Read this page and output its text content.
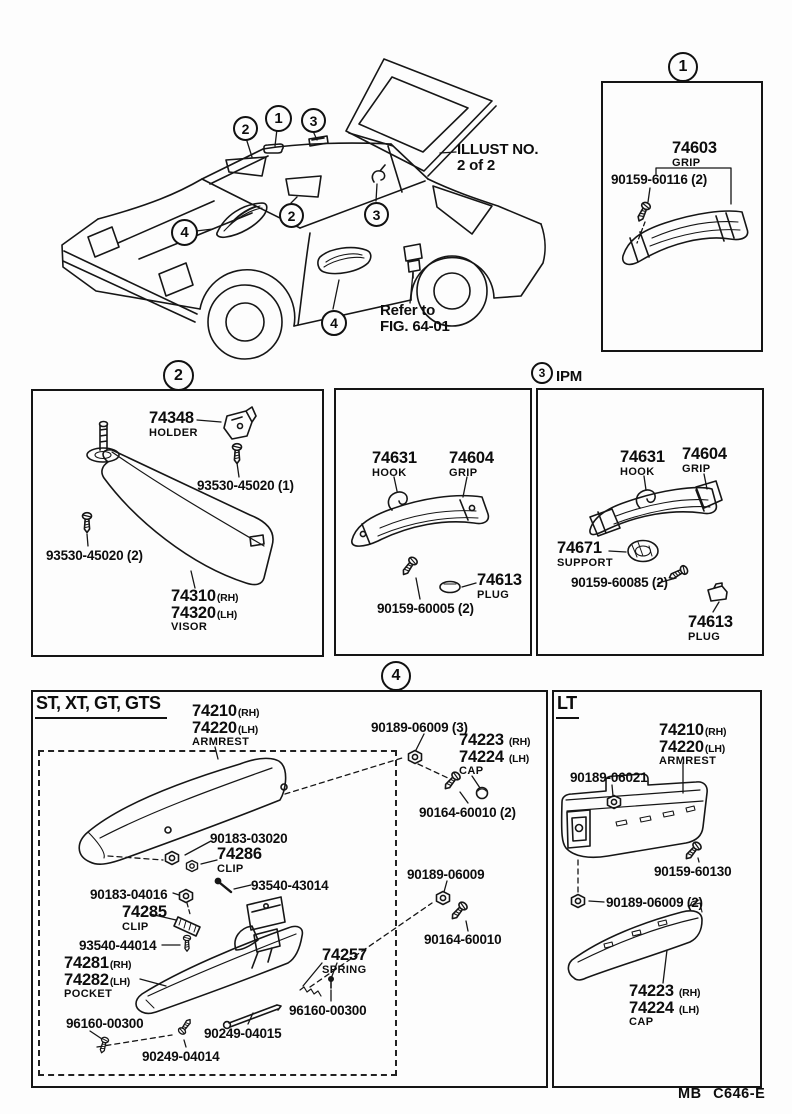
2
1 3
2	3
4
4
1
2	3 IPM
4
ILLUST NO.
2 of 2
Refer to
FIG. 64-01
74603
GRIP
90159-60116 (2)
74348
HOLDER
93530-45020 (1)
93530-45020 (2)
74310 (RH)
74320 (LH)
VISOR
74631
HOOK
74604
GRIP
74613
PLUG
90159-60005 (2)
74631
HOOK
74604
GRIP
74671
SUPPORT
90159-60085 (2)
74613
PLUG
ST, XT, GT, GTS	74210 (RH)
74220 (LH)
ARMREST
90189-06009 (3)
74223 (RH)
74224 (LH)
CAP
90164-60010 (2)
90183-03020
74286
CLIP
93540-43014
90183-04016
74285
CLIP
93540-44014
74281 (RH)
74282 (LH)
POCKET
74257
SPRING
90189-06009
90164-60010
96160-00300
90249-04015
96160-00300
90249-04014
LT
74210 (RH)
74220 (LH)
ARMREST
90189-06021
90159-60130
90189-06009 (2)
74223 (RH)
74224 (LH)
CAP
MB C646-E
